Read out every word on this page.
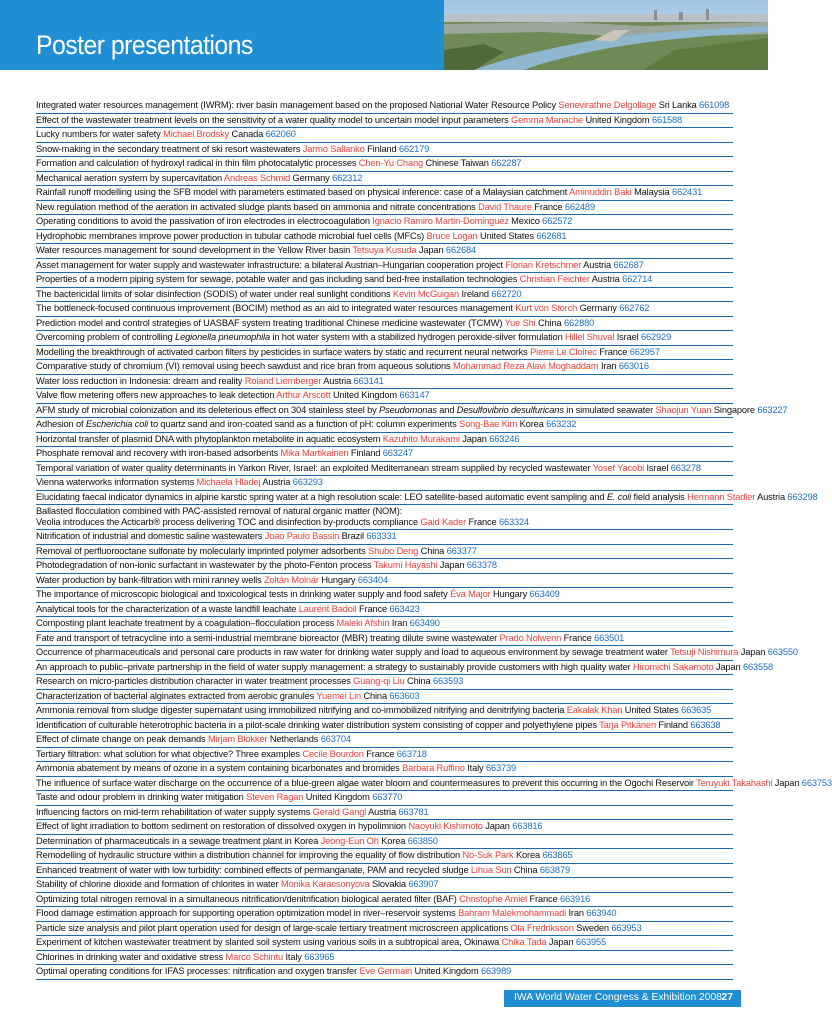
Poster presentations
Integrated water resources management (IWRM): river basin management based on the proposed National Water Resource Policy Senevirathne Delgollage Sri Lanka 661098
Effect of the wastewater treatment levels on the sensitivity of a water quality model to uncertain model input parameters Gemma Manache United Kingdom 661588
Lucky numbers for water safety Michael Brodsky Canada 662060
Snow-making in the secondary treatment of ski resort wastewaters Jarmo Sallanko Finland 662179
Formation and calculation of hydroxyl radical in thin film photocatalytic processes Chen-Yu Chang Chinese Taiwan 662287
Mechanical aeration system by supercavitation Andreas Schmid Germany 662312
Rainfall runoff modelling using the SFB model with parameters estimated based on physical inference: case of a Malaysian catchment Aminuddin Baki Malaysia 662431
New regulation method of the aeration in activated sludge plants based on ammonia and nitrate concentrations David Thaure France 662489
Operating conditions to avoid the passivation of iron electrodes in electrocoagulation Ignacio Ramiro Martin-Dominguez Mexico 662572
Hydrophobic membranes improve power production in tubular cathode microbial fuel cells (MFCs) Bruce Logan United States 662681
Water resources management for sound development in the Yellow River basin Tetsuya Kusuda Japan 662684
Asset management for water supply and wastewater infrastructure: a bilateral Austrian–Hungarian cooperation project Florian Kretschmer Austria 662687
Properties of a modern piping system for sewage, potable water and gas including sand bed-free installation technologies Christian Feichter Austria 662714
The bactericidal limits of solar disinfection (SODIS) of water under real sunlight conditions Kevin McGuigan Ireland 662720
The bottleneck-focused continuous improvement (BOCIM) method as an aid to integrated water resources management Kurt von Storch Germany 662762
Prediction model and control strategies of UASBAF system treating traditional Chinese medicine wastewater (TCMW) Yue Shi China 662880
Overcoming problem of controlling Legionella pneumophila in hot water system with a stabilized hydrogen peroxide-silver formulation Hillel Shuval Israel 662929
Modelling the breakthrough of activated carbon filters by pesticides in surface waters by static and recurrent neural networks Pierre Le Cloirec France 662957
Comparative study of chromium (VI) removal using beech sawdust and rice bran from aqueous solutions Mohammad Reza Alavi Moghaddam Iran 663016
Water loss reduction in Indonesia: dream and reality Roland Liemberger Austria 663141
Valve flow metering offers new approaches to leak detection Arthur Arscott United Kingdom 663147
AFM study of microbial colonization and its deleterious effect on 304 stainless steel by Pseudomonas and Desulfovibrio desulfuricans in simulated seawater Shaojun Yuan Singapore 663227
Adhesion of Escherichia coli to quartz sand and iron-coated sand as a function of pH: column experiments Song-Bae Kim Korea 663232
Horizontal transfer of plasmid DNA with phytoplankton metabolite in aquatic ecosystem Kazuhito Murakami Japan 663246
Phosphate removal and recovery with iron-based adsorbents Mika Martikainen Finland 663247
Temporal variation of water quality determinants in Yarkon River, Israel: an exploited Mediterranean stream supplied by recycled wastewater Yosef Yacobi Israel 663278
Vienna waterworks information systems Michaela Hladej Austria 663293
Elucidating faecal indicator dynamics in alpine karstic spring water at a high resolution scale: LEO satellite-based automatic event sampling and E. coli field analysis Hermann Stadler Austria 663298
Ballasted flocculation combined with PAC-assisted removal of natural organic matter (NOM):
Veolia introduces the Acticarb® process delivering TOC and disinfection by-products compliance Gaid Kader France 663324
Nitrification of industrial and domestic saline wastewaters Joao Paulo Bassin Brazil 663331
Removal of perfluorooctane sulfonate by molecularly imprinted polymer adsorbents Shubo Deng China 663377
Photodegradation of non-ionic surfactant in wastewater by the photo-Fenton process Takumi Hayashi Japan 663378
Water production by bank-filtration with mini ranney wells Zoltán Molnár Hungary 663404
The importance of microscopic biological and toxicological tests in drinking water supply and food safety Éva Major Hungary 663409
Analytical tools for the characterization of a waste landfill leachate Laurent Badoil France 663423
Composting plant leachate treatment by a coagulation–flocculation process Maleki Afshin Iran 663490
Fate and transport of tetracycline into a semi-industrial membrane bioreactor (MBR) treating dilute swine wastewater Prado Nolwenn France 663501
Occurrence of pharmaceuticals and personal care products in raw water for drinking water supply and load to aqueous environment by sewage treatment water Tetsuji Nishimura Japan 663550
An approach to public–private partnership in the field of water supply management: a strategy to sustainably provide customers with high quality water Hiromichi Sakamoto Japan 663558
Research on micro-particles distribution character in water treatment processes Guang-qi Liu China 663593
Characterization of bacterial alginates extracted from aerobic granules Yuemei Lin China 663603
Ammonia removal from sludge digester supernatant using immobilized nitrifying and co-immobilized nitrifying and denitrifying bacteria Eakalak Khan United States 663635
Identification of culturable heterotrophic bacteria in a pilot-scale drinking water distribution system consisting of copper and polyethylene pipes Tarja Pitkänen Finland 663638
Effect of climate change on peak demands Mirjam Blokker Netherlands 663704
Tertiary filtration: what solution for what objective? Three examples Cecile Bourdon France 663718
Ammonia abatement by means of ozone in a system containing bicarbonates and bromides Barbara Ruffino Italy 663739
The influence of surface water discharge on the occurrence of a blue-green algae water bloom and countermeasures to prevent this occurring in the Ogochi Reservoir Teruyuki Takahashi Japan 663753
Taste and odour problem in drinking water mitigation Steven Ragan United Kingdom 663770
Influencing factors on mid-term rehabilitation of water supply systems Gerald Gangl Austria 663781
Effect of light irradiation to bottom sediment on restoration of dissolved oxygen in hypolimnion Naoyuki Kishimoto Japan 663816
Determination of pharmaceuticals in a sewage treatment plant in Korea Jeong-Eun Oh Korea 663850
Remodelling of hydraulic structure within a distribution channel for improving the equality of flow distribution No-Suk Park Korea 663865
Enhanced treatment of water with low turbidity: combined effects of permanganate, PAM and recycled sludge Lihua Sun China 663879
Stability of chlorine dioxide and formation of chlorites in water Monika Karacsonyova Slovakia 663907
Optimizing total nitrogen removal in a simultaneous nitrification/denitrification biological aerated filter (BAF) Christophe Amiel France 663916
Flood damage estimation approach for supporting operation optimization model in river–reservoir systems Bahram Malekmohammadi Iran 663940
Particle size analysis and pilot plant operation used for design of large-scale tertiary treatment microscreen applications Ola Fredriksson Sweden 663953
Experiment of kitchen wastewater treatment by slanted soil system using various soils in a subtropical area, Okinawa Chika Tada Japan 663955
Chlorines in drinking water and oxidative stress Marco Schintu Italy 663965
Optimal operating conditions for IFAS processes: nitrification and oxygen transfer Eve Germain United Kingdom 663989
IWA World Water Congress & Exhibition 2008 27
